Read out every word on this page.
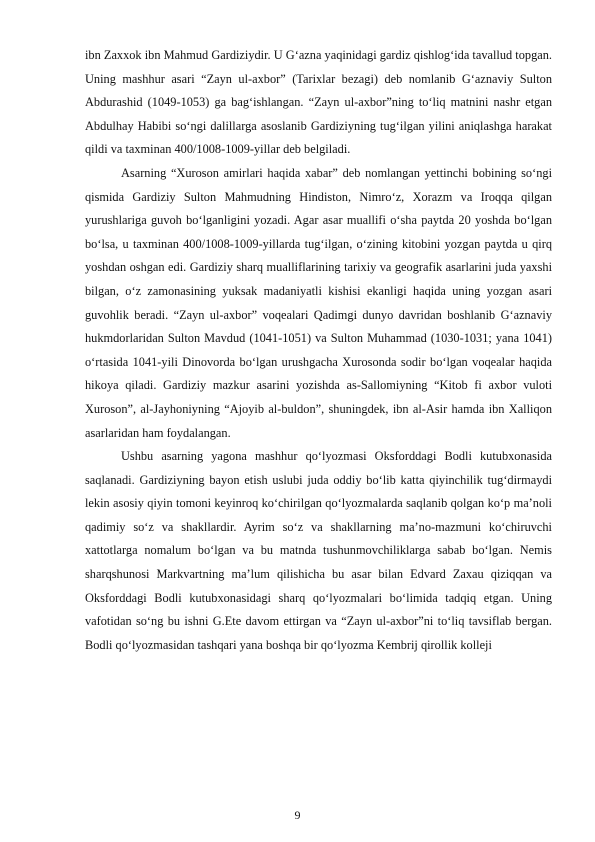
ibn Zaxxok ibn Mahmud Gardiziydir. U G‘azna yaqinidagi gardiz qishlog‘ida tavallud topgan. Uning mashhur asari “Zayn ul-axbor” (Tarixlar bezagi) deb nomlanib G‘aznaviy Sulton Abdurashid (1049-1053) ga bag‘ishlangan. “Zayn ul-axbor”ning to‘liq matnini nashr etgan Abdulhay Habibi so‘ngi dalillarga asoslanib Gardiziyning tug‘ilgan yilini aniqlashga harakat qildi va taxminan 400/1008-1009-yillar deb belgiladi.

Asarning “Xuroson amirlari haqida xabar” deb nomlangan yettinchi bobining so‘ngi qismida Gardiziy Sulton Mahmudning Hindiston, Nimro‘z, Xorazm va Iroqqa qilgan yurushlariga guvoh bo‘lganligini yozadi. Agar asar muallifi o‘sha paytda 20 yoshda bo‘lgan bo‘lsa, u taxminan 400/1008-1009-yillarda tug‘ilgan, o‘zining kitobini yozgan paytda u qirq yoshdan oshgan edi. Gardiziy sharq mualliflarining tarixiy va geografik asarlarini juda yaxshi bilgan, o‘z zamonasining yuksak madaniyatli kishisi ekanligi haqida uning yozgan asari guvohlik beradi. “Zayn ul-axbor” voqealari Qadimgi dunyo davridan boshlanib G‘aznaviy hukmdorlaridan Sulton Mavdud (1041-1051) va Sulton Muhammad (1030-1031; yana 1041) o‘rtasida 1041-yili Dinovorda bo‘lgan urushgacha Xurosonda sodir bo‘lgan voqealar haqida hikoya qiladi. Gardiziy mazkur asarini yozishda as-Sallomiyning “Kitob fi axbor vuloti Xuroson”, al-Jayhoniyning “Ajoyib al-buldon”, shuningdek, ibn al-Asir hamda ibn Xalliqon asarlaridan ham foydalangan.

Ushbu asarning yagona mashhur qo‘lyozmasi Oksforddagi Bodli kutubxonasida saqlanadi. Gardiziyning bayon etish uslubi juda oddiy bo‘lib katta qiyinchilik tug‘dirmaydi lekin asosiy qiyin tomoni keyinroq ko‘chirilgan qo‘lyozmalarda saqlanib qolgan ko‘p ma’noli qadimiy so‘z va shakllardir. Ayrim so‘z va shakllarning ma’no-mazmuni ko‘chiruvchi xattotlarga nomalum bo‘lgan va bu matnda tushunmovchiliklarga sabab bo‘lgan. Nemis sharqshunosi Markvartning ma’lum qilishicha bu asar bilan Edvard Zaxau qiziqqan va Oksforddagi Bodli kutubxonasidagi sharq qo‘lyozmalari bo‘limida tadqiq etgan. Uning vafotidan so‘ng bu ishni G.Ete davom ettirgan va “Zayn ul-axbor”ni to‘liq tavsiflab bergan. Bodli qo‘lyozmasidan tashqari yana boshqa bir qo‘lyozma Kembrij qirollik kolleji

9
